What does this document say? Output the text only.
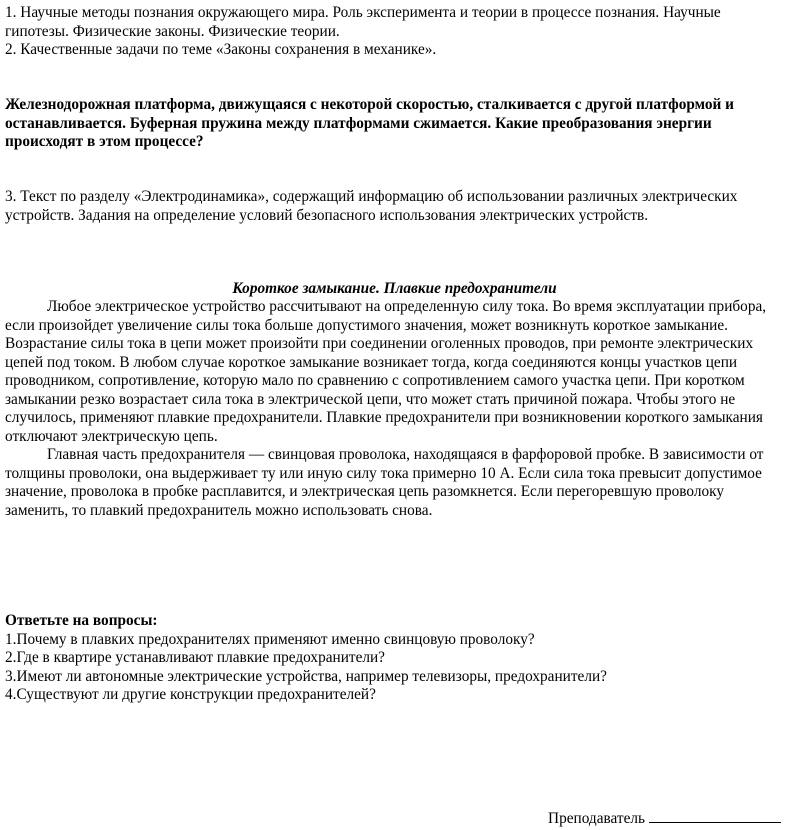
1. Научные методы познания окружающего мира. Роль эксперимента и теории в процессе познания. Научные гипотезы. Физические законы. Физические теории.

2. Качественные задачи по теме «Законы сохранения в механике».

Железнодорожная платформа, движущаяся с некоторой скоростью, сталкивается с другой платформой и останавливается. Буферная пружина между платформами сжимается. Какие преобразования энергии происходят в этом процессе?

3. Текст по разделу «Электродинамика», содержащий информацию об использовании различных электрических устройств. Задания на определение условий безопасного использования электрических устройств.

Короткое замыкание. Плавкие предохранители

Любое электрическое устройство рассчитывают на определенную силу тока. Во время эксплуатации прибора, если произойдет увеличение силы тока больше допустимого значения, может возникнуть короткое замыкание. Возрастание силы тока в цепи может произойти при соединении оголенных проводов, при ремонте электрических цепей под током. В любом случае короткое замыкание возникает тогда, когда соединяются концы участков цепи проводником, сопротивление, которую мало по сравнению с сопротивлением самого участка цепи. При коротком замыкании резко возрастает сила тока в электрической цепи, что может стать причиной пожара. Чтобы этого не случилось, применяют плавкие предохранители. Плавкие предохранители при возникновении короткого замыкания отключают электрическую цепь.

Главная часть предохранителя — свинцовая проволока, находящаяся в фарфоровой пробке. В зависимости от толщины проволоки, она выдерживает ту или иную силу тока примерно 10 А. Если сила тока превысит допустимое значение, проволока в пробке расплавится, и электрическая цепь разомкнется. Если перегоревшую проволоку заменить, то плавкий предохранитель можно использовать снова.

Ответьте на вопросы:

1.Почему в плавких предохранителях применяют именно свинцовую проволоку?

2.Где в квартире устанавливают плавкие предохранители?

3.Имеют ли автономные электрические устройства, например телевизоры, предохранители?

4.Существуют ли другие конструкции предохранителей?

Преподаватель
